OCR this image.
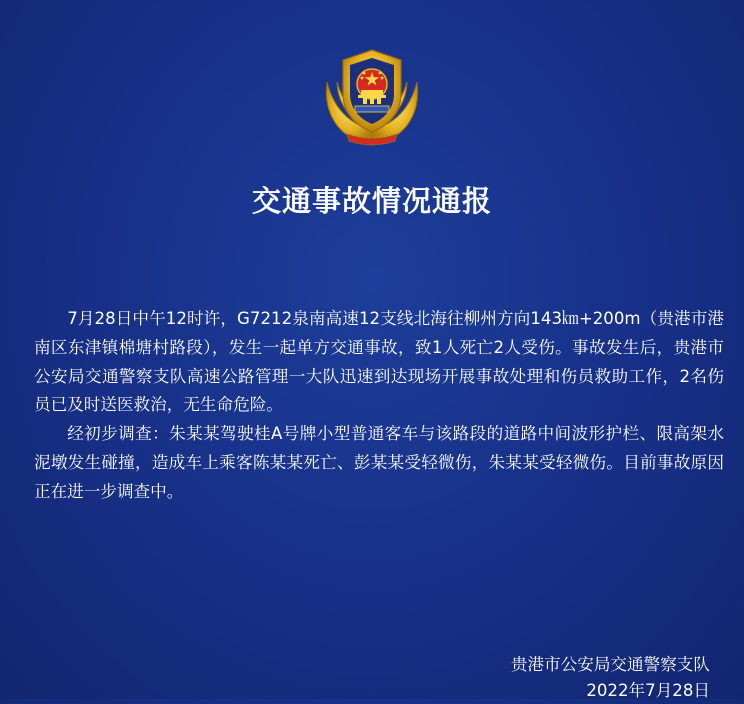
交通事故情况通报

7月28日中午12时许，G7212泉南高速12支线北海往柳州方向143㎞+200m（贵港市港南区东津镇棉塘村路段），发生一起单方交通事故，致1人死亡2人受伤。事故发生后，贵港市公安局交通警察支队高速公路管理一大队迅速到达现场开展事故处理和伤员救助工作，2名伤员已及时送医救治，无生命危险。

经初步调查：朱某某驾驶桂A号牌小型普通客车与该路段的道路中间波形护栏、限高架水泥墩发生碰撞，造成车上乘客陈某某死亡、彭某某受轻微伤，朱某某受轻微伤。目前事故原因正在进一步调查中。

贵港市公安局交通警察支队
2022年7月28日
